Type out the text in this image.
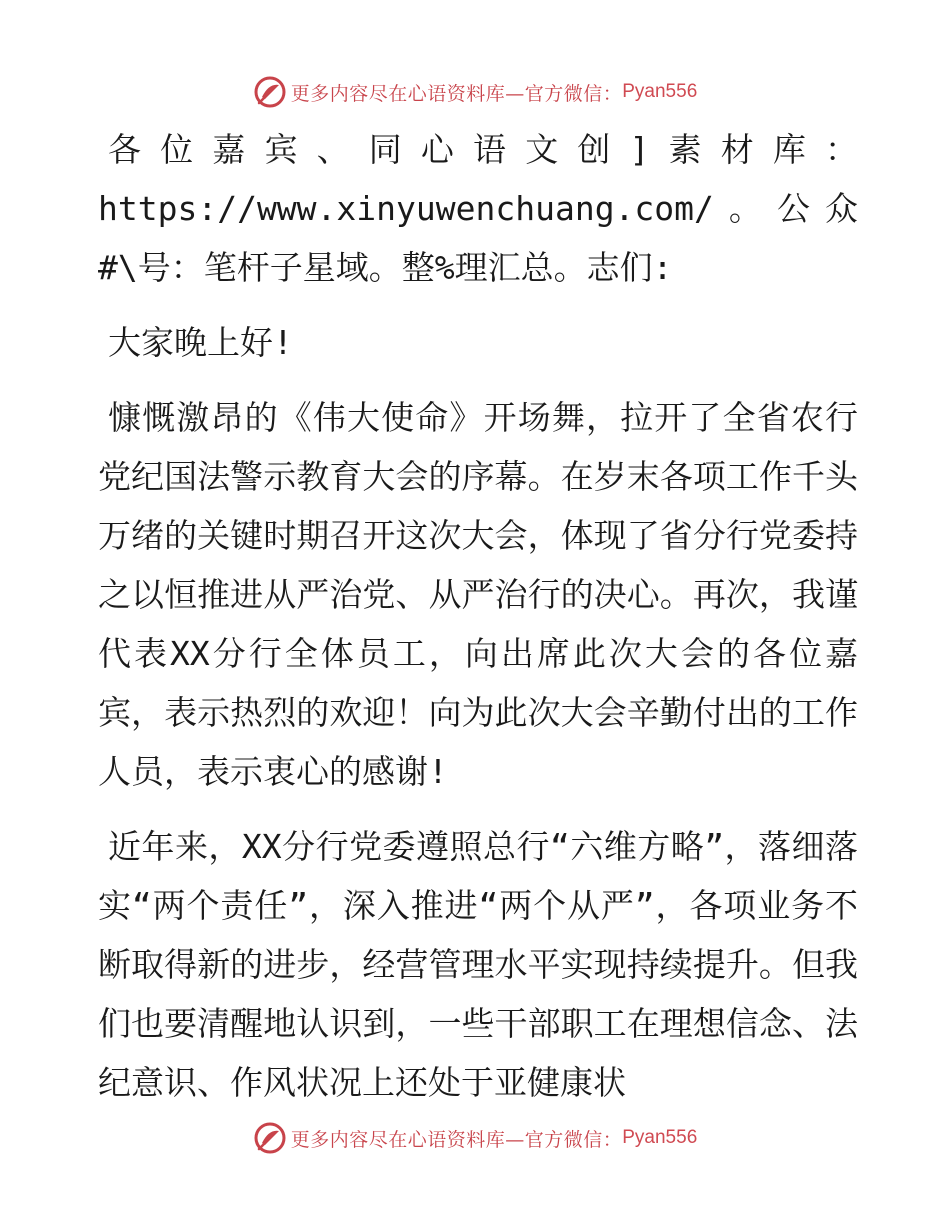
更多内容尽在心语资料库—官方微信： Pyan556

各位嘉宾、同心语文创]素材库：https://www.xinyuwenchuang.com/。公众#\号：笔杆子星域。整%理汇总。志们:

大家晚上好!

慷慨激昂的《伟大使命》开场舞，拉开了全省农行党纪国法警示教育大会的序幕。在岁末各项工作千头万绪的关键时期召开这次大会，体现了省分行党委持之以恒推进从严治党、从严治行的决心。再次，我谨代表XX分行全体员工，向出席此次大会的各位嘉宾，表示热烈的欢迎！向为此次大会辛勤付出的工作人员，表示衷心的感谢!

近年来，XX分行党委遵照总行“六维方略”，落细落实“两个责任”，深入推进“两个从严”，各项业务不断取得新的进步，经营管理水平实现持续提升。但我们也要清醒地认识到，一些干部职工在理想信念、法纪意识、作风状况上还处于亚健康状

更多内容尽在心语资料库—官方微信： Pyan556
